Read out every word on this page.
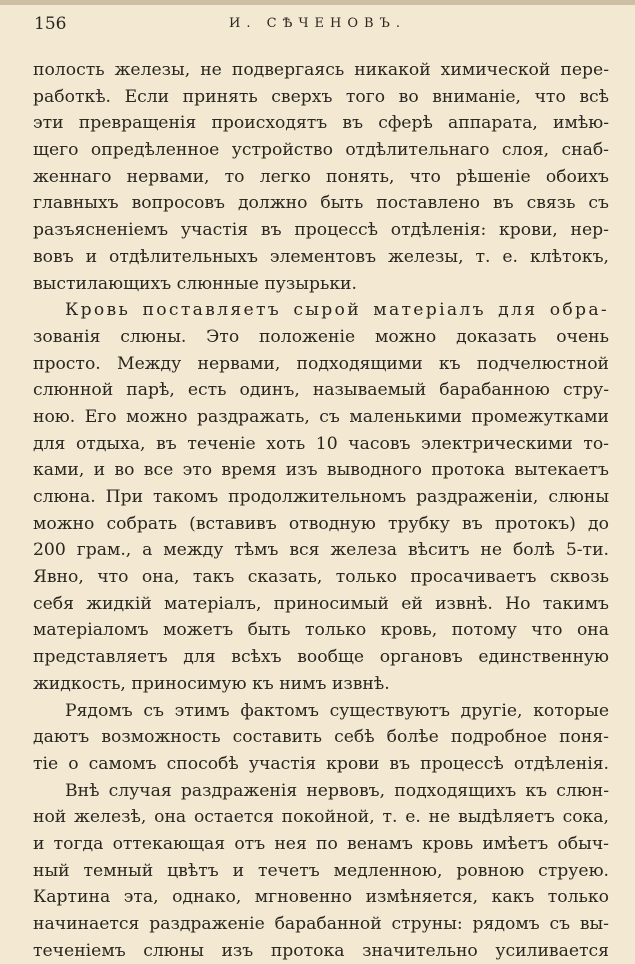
156	И. СѢЧЕНОВЪ.
полость железы, не подвергаясь никакой химической пере-
работкѣ. Если принять сверхъ того во вниманіе, что всѣ
эти превращенія происходятъ въ сферѣ аппарата, имѣю-
щего опредѣленное устройство отдѣлительнаго слоя, снаб-
женнаго нервами, то легко понять, что рѣшеніе обоихъ
главныхъ вопросовъ должно быть поставлено въ связь съ
разъясненіемъ участія въ процессѣ отдѣленія: крови, нер-
вовъ и отдѣлительныхъ элементовъ железы, т. е. клѣтокъ,
выстилающихъ слюнные пузырьки.
Кровь поставляетъ сырой матеріалъ для обра-
зованія слюны. Это положеніе можно доказать очень
просто. Между нервами, подходящими къ подчелюстной
слюнной парѣ, есть одинъ, называемый барабанною стру-
ною. Его можно раздражать, съ маленькими промежутками
для отдыха, въ теченіе хоть 10 часовъ электрическими то-
ками, и во все это время изъ выводного протока вытекаетъ
слюна. При такомъ продолжительномъ раздраженіи, слюны
можно собрать (вставивъ отводную трубку въ протокъ) до
200 грам., а между тѣмъ вся железа вѣситъ не болѣ 5-ти.
Явно, что она, такъ сказать, только просачиваетъ сквозь
себя жидкій матеріалъ, приносимый ей извнѣ. Но такимъ
матеріаломъ можетъ быть только кровь, потому что она
представляетъ для всѣхъ вообще органовъ единственную
жидкость, приносимую къ нимъ извнѣ.
Рядомъ съ этимъ фактомъ существуютъ другіе, которые
даютъ возможность составить себѣ болѣе подробное поня-
тіе о самомъ способѣ участія крови въ процессѣ отдѣленія.
Внѣ случая раздраженія нервовъ, подходящихъ къ слюн-
ной железѣ, она остается покойной, т. е. не выдѣляетъ сока,
и тогда оттекающая отъ нея по венамъ кровь имѣетъ обыч-
ный темный цвѣтъ и течетъ медленною, ровною струею.
Картина эта, однако, мгновенно измѣняется, какъ только
начинается раздраженіе барабанной струны: рядомъ съ вы-
теченіемъ слюны изъ протока значительно усиливается
